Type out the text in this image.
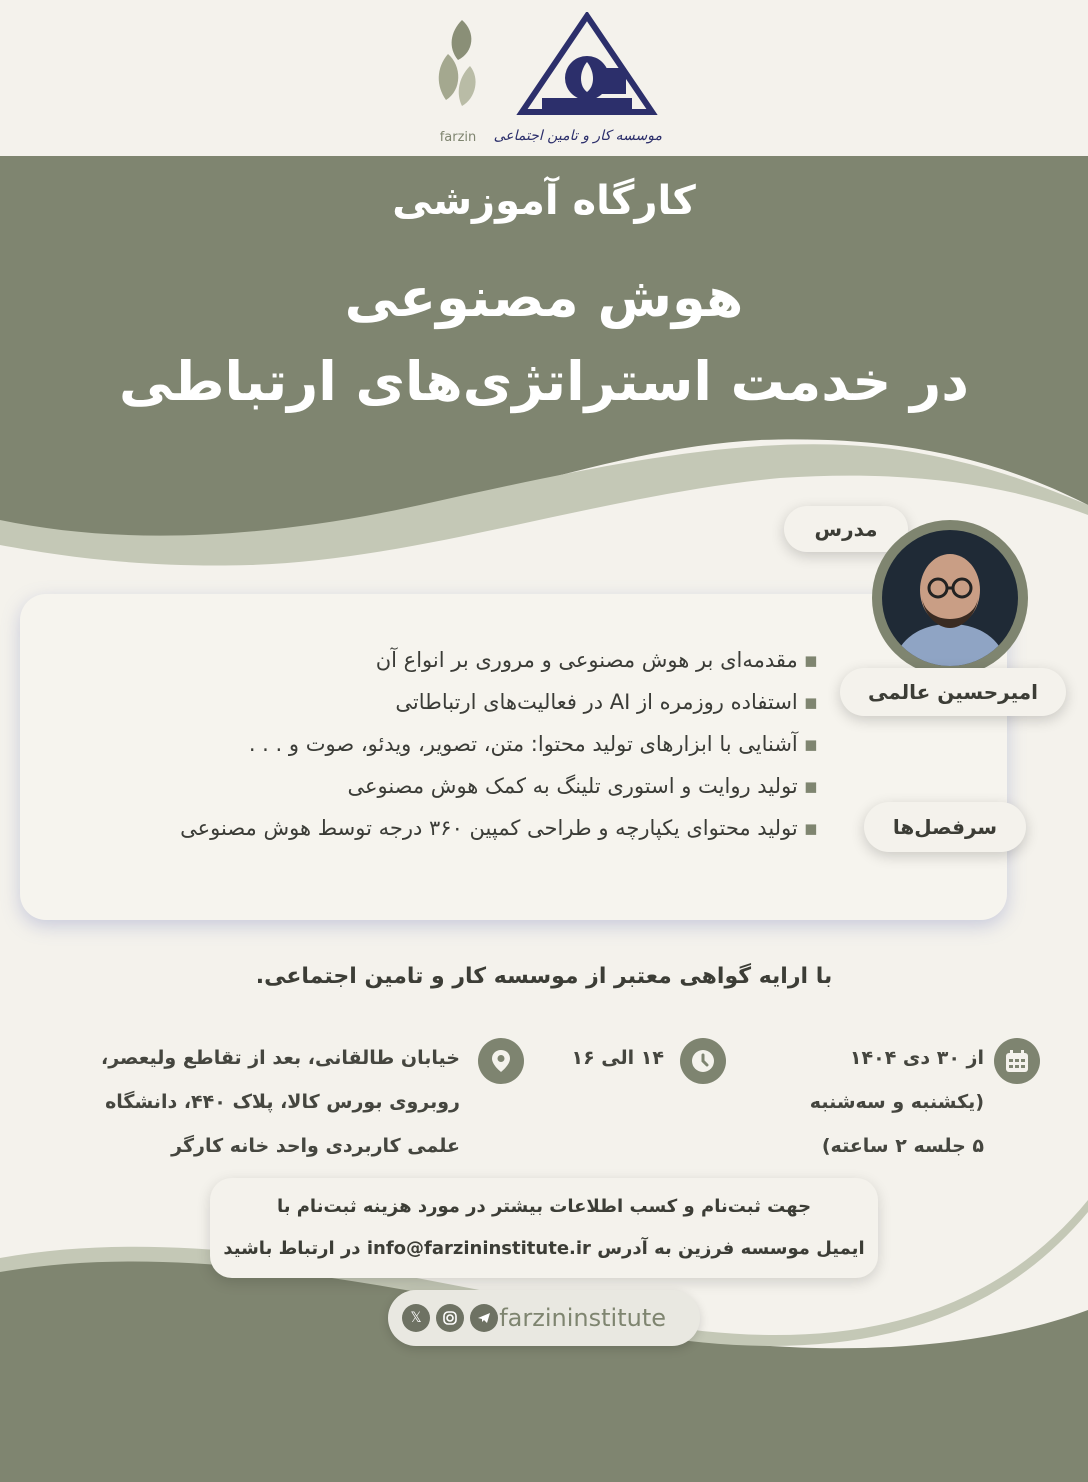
موسسه کار و تامین اجتماعی
farzin
کارگاه آموزشی
هوش مصنوعی
در خدمت استراتژی‌های ارتباطی
▪مقدمه‌ای بر هوش مصنوعی و مروری بر انواع آن
▪استفاده روزمره از AI در فعالیت‌های ارتباطاتی
▪آشنایی با ابزارهای تولید محتوا: متن، تصویر، ویدئو، صوت و . . .
▪تولید روایت و استوری تلینگ به کمک هوش مصنوعی
▪تولید محتوای یکپارچه و طراحی کمپین ۳۶۰ درجه توسط هوش مصنوعی
مدرس
امیرحسین عالمی
سرفصل‌ها
با ارایه گواهی معتبر از موسسه کار و تامین اجتماعی.
از ۳۰ دی ۱۴۰۴
(یکشنبه و سه‌شنبه
۵ جلسه ۲ ساعته)
۱۴ الی ۱۶
خیابان طالقانی، بعد از تقاطع ولیعصر،
روبروی بورس کالا، پلاک ۴۴۰، دانشگاه
علمی کاربردی واحد خانه کارگر
جهت ثبت‌نام و کسب اطلاعات بیشتر در مورد هزینه ثبت‌نام با
ایمیل موسسه فرزین به آدرس info@farzininstitute.ir در ارتباط باشید
𝕏	farzininstitute
